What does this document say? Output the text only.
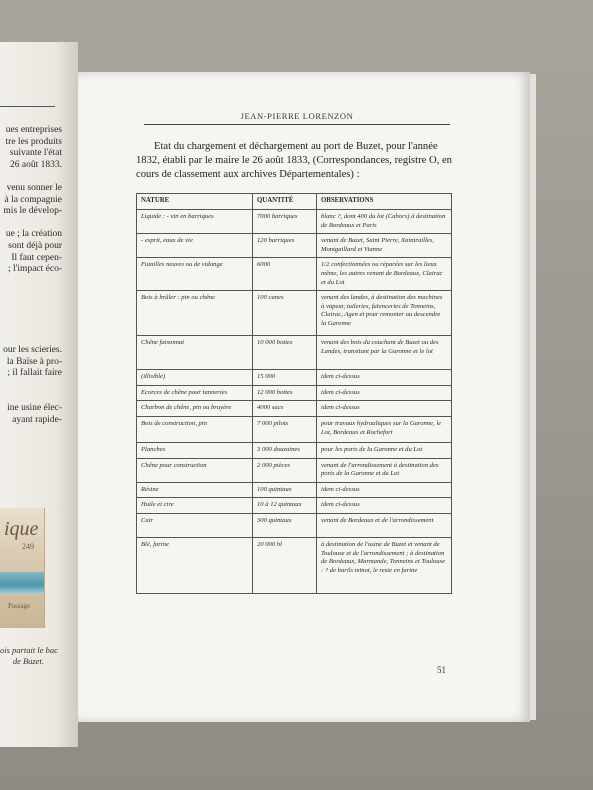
ues entreprises
tre les produits
suivante l'état
26 août 1833.
venu sonner le
à la compagnie
mis le dévelop-
ue ; la création
sont déjà pour
Il faut cepen-
; l'impact éco-
our les scieries.
la Baïse à pro-
; il fallait faire
ine usine élec-
ayant rapide-
ique
249
Passage
ois partait le bac
de Buzet.
JEAN-PIERRE LORENZON
Etat du chargement et déchargement au port de Buzet, pour l'année
1832, établi par le maire le 26 août 1833, (Correspondances, registre O, en
cours de classement aux archives Départementales) :
NATURE	QUANTITÉ	OBSERVATIONS
Liquide : - vin en barriques	7000 barriques	blanc ?, dont 400 du lot (Cahors) à destination de Bordeaux et Paris
- esprit, eaux de vie	120 barriques	venant de Buzet, Saint Pierre, Xaintrailles, Montgaillard et Vianne
Futailles neuves ou de vidange	6000	1/2 confectionnées ou réparées sur les lieux même, les autres venant de Bordeaux, Clairac et du Lot
Bois à brûler : pin ou chêne	100 canes	venant des landes, à destination des machines à vapeur, tuileries, faïenceries de Tonneins, Clairac, Agen et pour remonter ou descendre la Garonne
Chêne faisonnat	10 000 bottes	venant des bois du couchant de Buzet ou des Landes, transitant par la Garonne et le lot
(illisible)	15 000	idem ci-dessus
Ecorces de chêne pour tanneries	12 000 bottes	idem ci-dessus
Charbon de chêne, pin ou bruyère	4000 sacs	idem ci-dessus
Bois de construction, pin	7 000 pilots	pour travaux hydrauliques sur la Garonne, le Lot, Bordeaux et Rochefort
Planches	3 000 douzaines	pour les ports de la Garonne et du Lot
Chêne pour construction	2 000 pièces	venant de l'arrondissement à destination des ports de la Garonne et du Lot
Résine	100 quintaux	idem ci-dessus
Huile et cire	10 à 12 quintaux	idem ci-dessus
Cuir	300 quintaux	venant de Bordeaux et de l'arrondissement
Blé, farine	20 000 hl	à destination de l'usine de Buzet et venant de Toulouse et de l'arrondissement ; à destination de Bordeaux, Marmande, Tonneins et Toulouse : ? de barils minot, le reste en farine
51
